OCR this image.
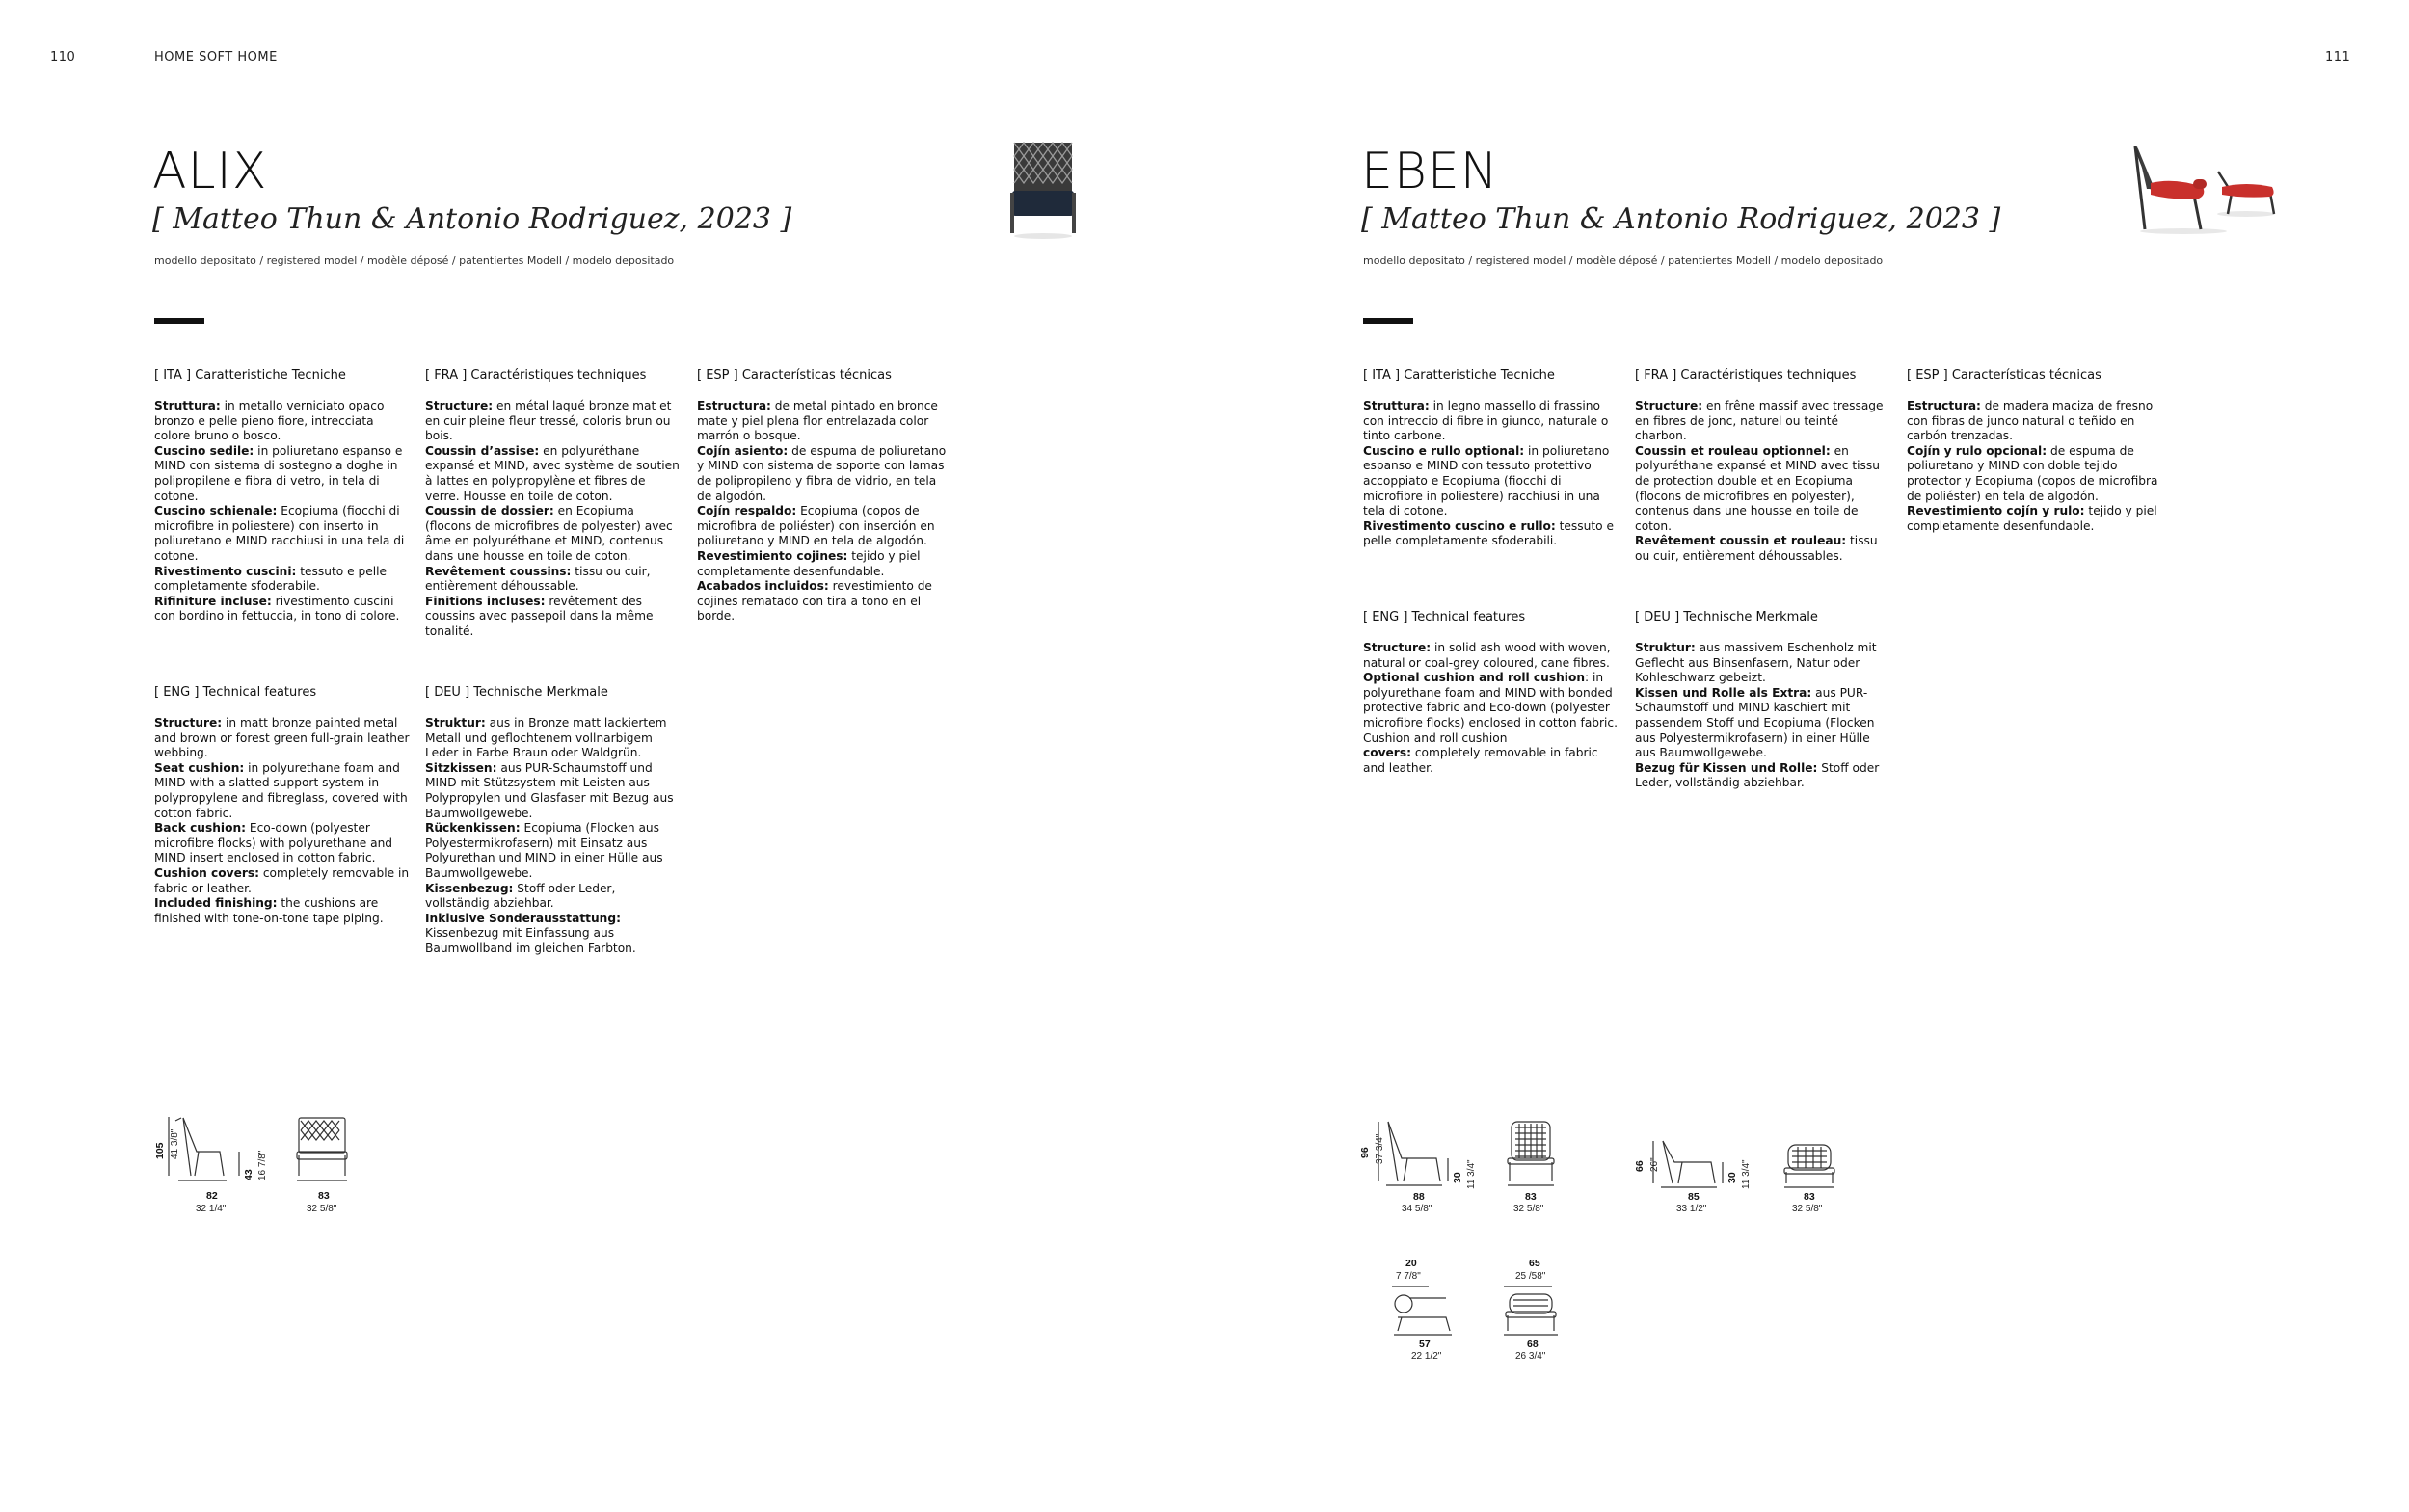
110	HOME SOFT HOME	111
ALIX
[ Matteo Thun & Antonio Rodriguez, 2023 ]
modello depositato / registered model / modèle déposé / patentiertes Modell / modelo depositado
[ ITA ] Caratteristiche Tecniche
Struttura: in metallo verniciato opaco bronzo e pelle pieno fiore, intrecciata colore bruno o bosco.
Cuscino sedile: in poliuretano espanso e MIND con sistema di sostegno a doghe in polipropilene e fibra di vetro, in tela di cotone.
Cuscino schienale: Ecopiuma (fiocchi di microfibre in poliestere) con inserto in poliuretano e MIND racchiusi in una tela di cotone.
Rivestimento cuscini: tessuto e pelle completamente sfoderabile.
Rifiniture incluse: rivestimento cuscini con bordino in fettuccia, in tono di colore.
[ FRA ] Caractéristiques techniques
Structure: en métal laqué bronze mat et en cuir pleine fleur tressé, coloris brun ou bois.
Coussin d’assise: en polyuréthane expansé et MIND, avec système de soutien à lattes en polypropylène et fibres de verre. Housse en toile de coton.
Coussin de dossier: en Ecopiuma (flocons de microfibres de polyester) avec âme en polyuréthane et MIND, contenus dans une housse en toile de coton.
Revêtement coussins: tissu ou cuir, entièrement déhoussable.
Finitions incluses: revêtement des coussins avec passepoil dans la même tonalité.
[ ESP ] Características técnicas
Estructura: de metal pintado en bronce mate y piel plena flor entrelazada color marrón o bosque.
Cojín asiento: de espuma de poliuretano y MIND con sistema de soporte con lamas de polipropileno y fibra de vidrio, en tela de algodón.
Cojín respaldo: Ecopiuma (copos de microfibra de poliéster) con inserción en poliuretano y MIND en tela de algodón.
Revestimiento cojines: tejido y piel completamente desenfundable.
Acabados incluidos: revestimiento de cojines rematado con tira a tono en el borde.
[ ENG ] Technical features
Structure: in matt bronze painted metal and brown or forest green full-grain leather webbing.
Seat cushion: in polyurethane foam and MIND with a slatted support system in polypropylene and fibreglass, covered with cotton fabric.
Back cushion: Eco-down (polyester microfibre flocks) with polyurethane and MIND insert enclosed in cotton fabric.
Cushion covers: completely removable in fabric or leather.
Included finishing: the cushions are finished with tone-on-tone tape piping.
[ DEU ] Technische Merkmale
Struktur: aus in Bronze matt lackiertem Metall und geflochtenem vollnarbigem Leder in Farbe Braun oder Waldgrün.
Sitzkissen: aus PUR-Schaumstoff und MIND mit Stützsystem mit Leisten aus Polypropylen und Glasfaser mit Bezug aus Baumwollgewebe.
Rückenkissen: Ecopiuma (Flocken aus Polyestermikrofasern) mit Einsatz aus Polyurethan und MIND in einer Hülle aus Baumwollgewebe.
Kissenbezug: Stoff oder Leder, vollständig abziehbar.
Inklusive Sonderausstattung: Kissenbezug mit Einfassung aus Baumwollband im gleichen Farbton.
105 41 3/8"
43 16 7/8"
82
32 1/4"
83
32 5/8"
EBEN
[ Matteo Thun & Antonio Rodriguez, 2023 ]
modello depositato / registered model / modèle déposé / patentiertes Modell / modelo depositado
[ ITA ] Caratteristiche Tecniche
Struttura: in legno massello di frassino con intreccio di fibre in giunco, naturale o tinto carbone.
Cuscino e rullo optional: in poliuretano espanso e MIND con tessuto protettivo accoppiato e Ecopiuma (fiocchi di microfibre in poliestere) racchiusi in una tela di cotone.
Rivestimento cuscino e rullo: tessuto e pelle completamente sfoderabili.
[ FRA ] Caractéristiques techniques
Structure: en frêne massif avec tressage en fibres de jonc, naturel ou teinté charbon.
Coussin et rouleau optionnel: en polyuréthane expansé et MIND avec tissu de protection double et en Ecopiuma (flocons de microfibres en polyester), contenus dans une housse en toile de coton.
Revêtement coussin et rouleau: tissu ou cuir, entièrement déhoussables.
[ ESP ] Características técnicas
Estructura: de madera maciza de fresno con fibras de junco natural o teñido en carbón trenzadas.
Cojín y rulo opcional: de espuma de poliuretano y MIND con doble tejido protector y Ecopiuma (copos de microfibra de poliéster) en tela de algodón.
Revestimiento cojín y rulo: tejido y piel completamente desenfundable.
[ ENG ] Technical features
Structure: in solid ash wood with woven, natural or coal-grey coloured, cane fibres.
Optional cushion and roll cushion: in polyurethane foam and MIND with bonded protective fabric and Eco-down (polyester microfibre flocks) enclosed in cotton fabric. Cushion and roll cushion
covers: completely removable in fabric and leather.
[ DEU ] Technische Merkmale
Struktur: aus massivem Eschenholz mit Geflecht aus Binsenfasern, Natur oder Kohleschwarz gebeizt.
Kissen und Rolle als Extra: aus PUR-Schaumstoff und MIND kaschiert mit passendem Stoff und Ecopiuma (Flocken aus Polyestermikrofasern) in einer Hülle aus Baumwollgewebe.
Bezug für Kissen und Rolle: Stoff oder Leder, vollständig abziehbar.
96 37 3/4"
30 11 3/4"
88
34 5/8"
83
32 5/8"
66 26"
30 11 3/4"
85
33 1/2"
83
32 5/8"
20
7 7/8"
65
25 /58"
57
22 1/2"
68
26 3/4"
